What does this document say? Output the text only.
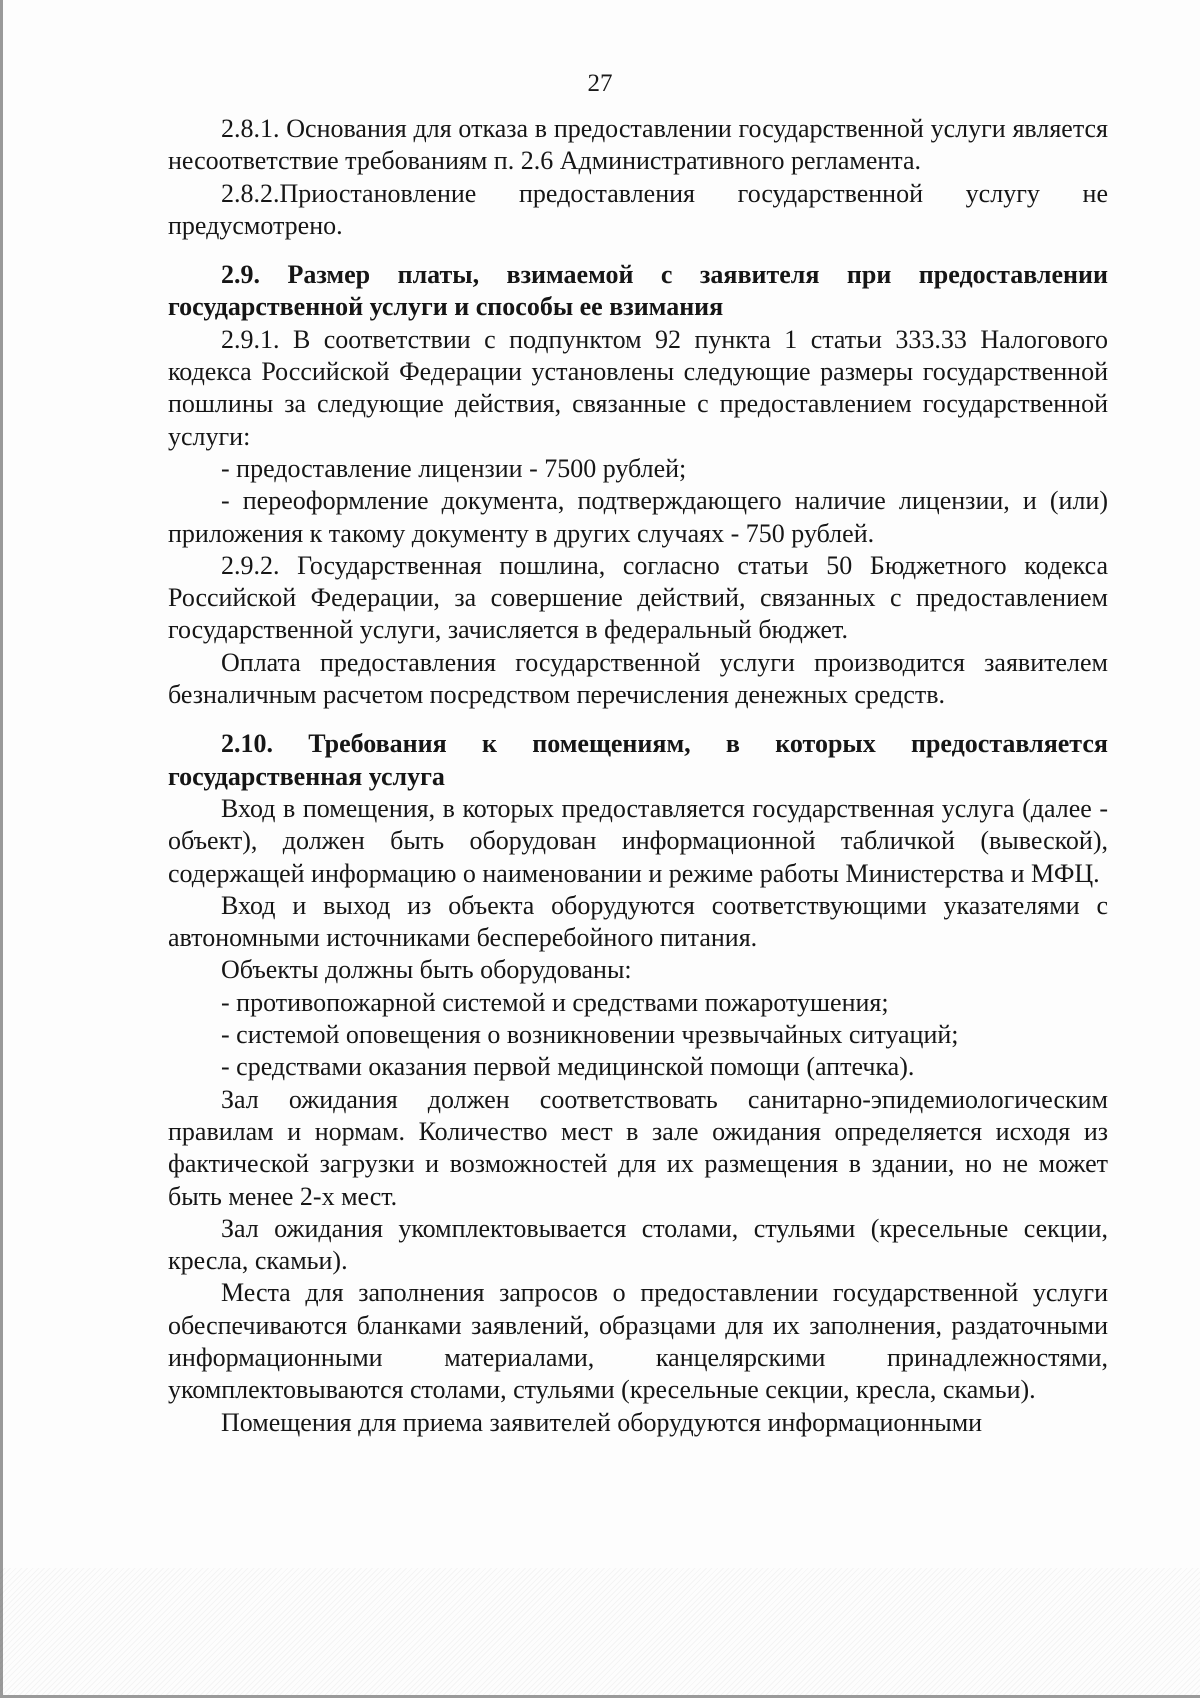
27

2.8.1. Основания для отказа в предоставлении государственной услуги является несоответствие требованиям п. 2.6 Административного регламента.

2.8.2.Приостановление предоставления государственной услугу не предусмотрено.

2.9. Размер платы, взимаемой с заявителя при предоставлении государственной услуги и способы ее взимания

2.9.1. В соответствии с подпунктом 92 пункта 1 статьи 333.33 Налогового кодекса Российской Федерации установлены следующие размеры государственной пошлины за следующие действия, связанные с предоставлением государственной услуги:

- предоставление лицензии - 7500 рублей;

- переоформление документа, подтверждающего наличие лицензии, и (или) приложения к такому документу в других случаях - 750 рублей.

2.9.2. Государственная пошлина, согласно статьи 50 Бюджетного кодекса Российской Федерации, за совершение действий, связанных с предоставлением государственной услуги, зачисляется в федеральный бюджет.

Оплата предоставления государственной услуги производится заявителем безналичным расчетом посредством перечисления денежных средств.

2.10. Требования к помещениям, в которых предоставляется государственная услуга

Вход в помещения, в которых предоставляется государственная услуга (далее - объект), должен быть оборудован информационной табличкой (вывеской), содержащей информацию о наименовании и режиме работы Министерства и МФЦ.

Вход и выход из объекта оборудуются соответствующими указателями с автономными источниками бесперебойного питания.

Объекты должны быть оборудованы:

- противопожарной системой и средствами пожаротушения;

- системой оповещения о возникновении чрезвычайных ситуаций;

- средствами оказания первой медицинской помощи (аптечка).

Зал ожидания должен соответствовать санитарно-эпидемиологическим правилам и нормам. Количество мест в зале ожидания определяется исходя из фактической загрузки и возможностей для их размещения в здании, но не может быть менее 2-х мест.

Зал ожидания укомплектовывается столами, стульями (кресельные секции, кресла, скамьи).

Места для заполнения запросов о предоставлении государственной услуги обеспечиваются бланками заявлений, образцами для их заполнения, раздаточными информационными материалами, канцелярскими принадлежностями, укомплектовываются столами, стульями (кресельные секции, кресла, скамьи).

Помещения для приема заявителей оборудуются информационными
